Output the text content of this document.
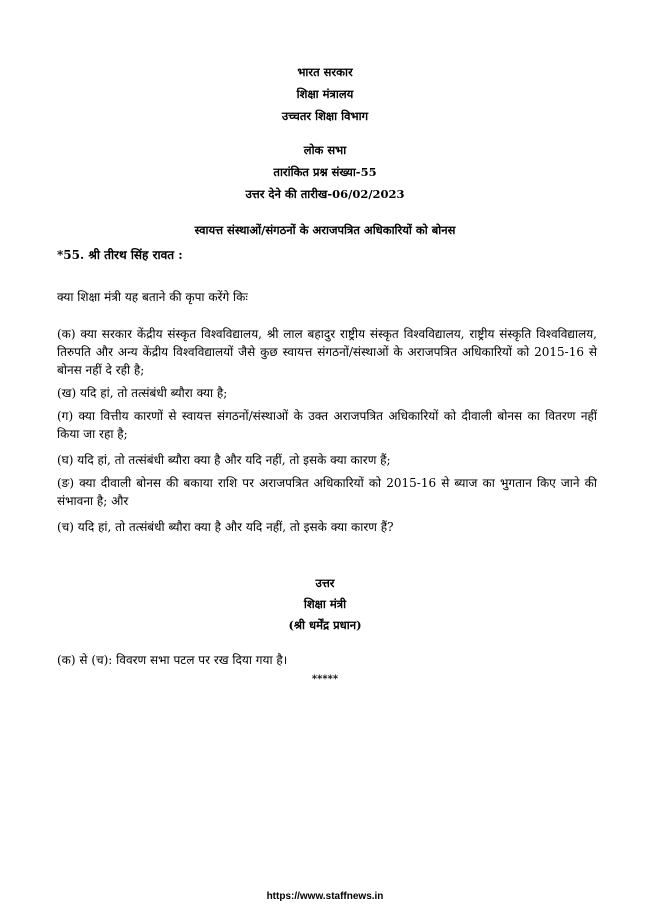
भारत सरकार
शिक्षा मंत्रालय
उच्चतर शिक्षा विभाग
लोक सभा
तारांकित प्रश्न संख्या-55
उत्तर देने की तारीख-06/02/2023
स्वायत्त संस्थाओं/संगठनों के अराजपत्रित अधिकारियों को बोनस
*55. श्री तीरथ सिंह रावत :
क्या शिक्षा मंत्री यह बताने की कृपा करेंगे किः
(क) क्या सरकार केंद्रीय संस्कृत विश्वविद्यालय, श्री लाल बहादुर राष्ट्रीय संस्कृत विश्वविद्यालय, राष्ट्रीय संस्कृति विश्वविद्यालय, तिरुपति और अन्य केंद्रीय विश्वविद्यालयों जैसे कुछ स्वायत्त संगठनों/संस्थाओं के अराजपत्रित अधिकारियों को 2015-16 से बोनस नहीं दे रही है;
(ख) यदि हां, तो तत्संबंधी ब्यौरा क्या है;
(ग) क्या वित्तीय कारणों से स्वायत्त संगठनों/संस्थाओं के उक्त अराजपत्रित अधिकारियों को दीवाली बोनस का वितरण नहीं किया जा रहा है;
(घ) यदि हां, तो तत्संबंधी ब्यौरा क्या है और यदि नहीं, तो इसके क्या कारण हैं;
(ङ) क्या दीवाली बोनस की बकाया राशि पर अराजपत्रित अधिकारियों को 2015-16 से ब्याज का भुगतान किए जाने की संभावना है; और
(च) यदि हां, तो तत्संबंधी ब्यौरा क्या है और यदि नहीं, तो इसके क्या कारण हैं?
उत्तर
शिक्षा मंत्री
(श्री धर्मेंद्र प्रधान)
(क) से (च): विवरण सभा पटल पर रख दिया गया है।
*****
https://www.staffnews.in
